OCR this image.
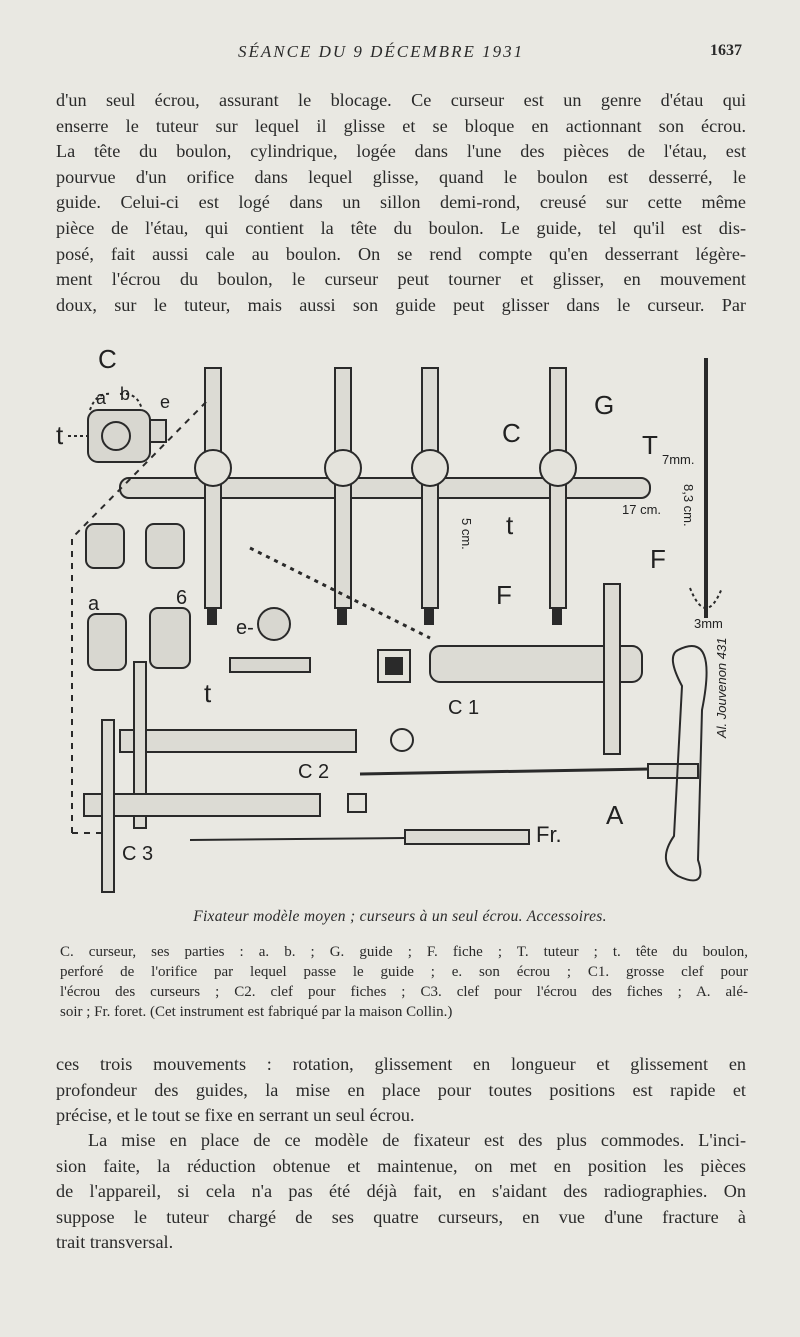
SÉANCE DU 9 DÉCEMBRE 1931	1637
d'un seul écrou, assurant le blocage. Ce curseur est un genre d'étau qui
enserre le tuteur sur lequel il glisse et se bloque en actionnant son écrou.
La tête du boulon, cylindrique, logée dans l'une des pièces de l'étau, est
pourvue d'un orifice dans lequel glisse, quand le boulon est desserré, le
guide. Celui-ci est logé dans un sillon demi-rond, creusé sur cette même
pièce de l'étau, qui contient la tête du boulon. Le guide, tel qu'il est dis-
posé, fait aussi cale au boulon. On se rend compte qu'en desserrant légère-
ment l'écrou du boulon, le curseur peut tourner et glisser, en mouvement
doux, sur le tuteur, mais aussi son guide peut glisser dans le curseur. Par
C
a b e
t
a	6
e-
t
C
G
T
t
F
F
7mm.
17 cm.
5 cm.
8,3 cm.
3mm
C 1
C 2
C 3
A
Fr.
Al. Jouvenon 431
Fixateur modèle moyen ; curseurs à un seul écrou. Accessoires.
C. curseur, ses parties : a. b. ; G. guide ; F. fiche ; T. tuteur ; t. tête du boulon,
perforé de l'orifice par lequel passe le guide ; e. son écrou ; C1. grosse clef pour
l'écrou des curseurs ; C2. clef pour fiches ; C3. clef pour l'écrou des fiches ; A. alé-
soir ; Fr. foret. (Cet instrument est fabriqué par la maison Collin.)
ces trois mouvements : rotation, glissement en longueur et glissement en
profondeur des guides, la mise en place pour toutes positions est rapide et
précise, et le tout se fixe en serrant un seul écrou.
La mise en place de ce modèle de fixateur est des plus commodes. L'inci-
sion faite, la réduction obtenue et maintenue, on met en position les pièces
de l'appareil, si cela n'a pas été déjà fait, en s'aidant des radiographies. On
suppose le tuteur chargé de ses quatre curseurs, en vue d'une fracture à
trait transversal.
